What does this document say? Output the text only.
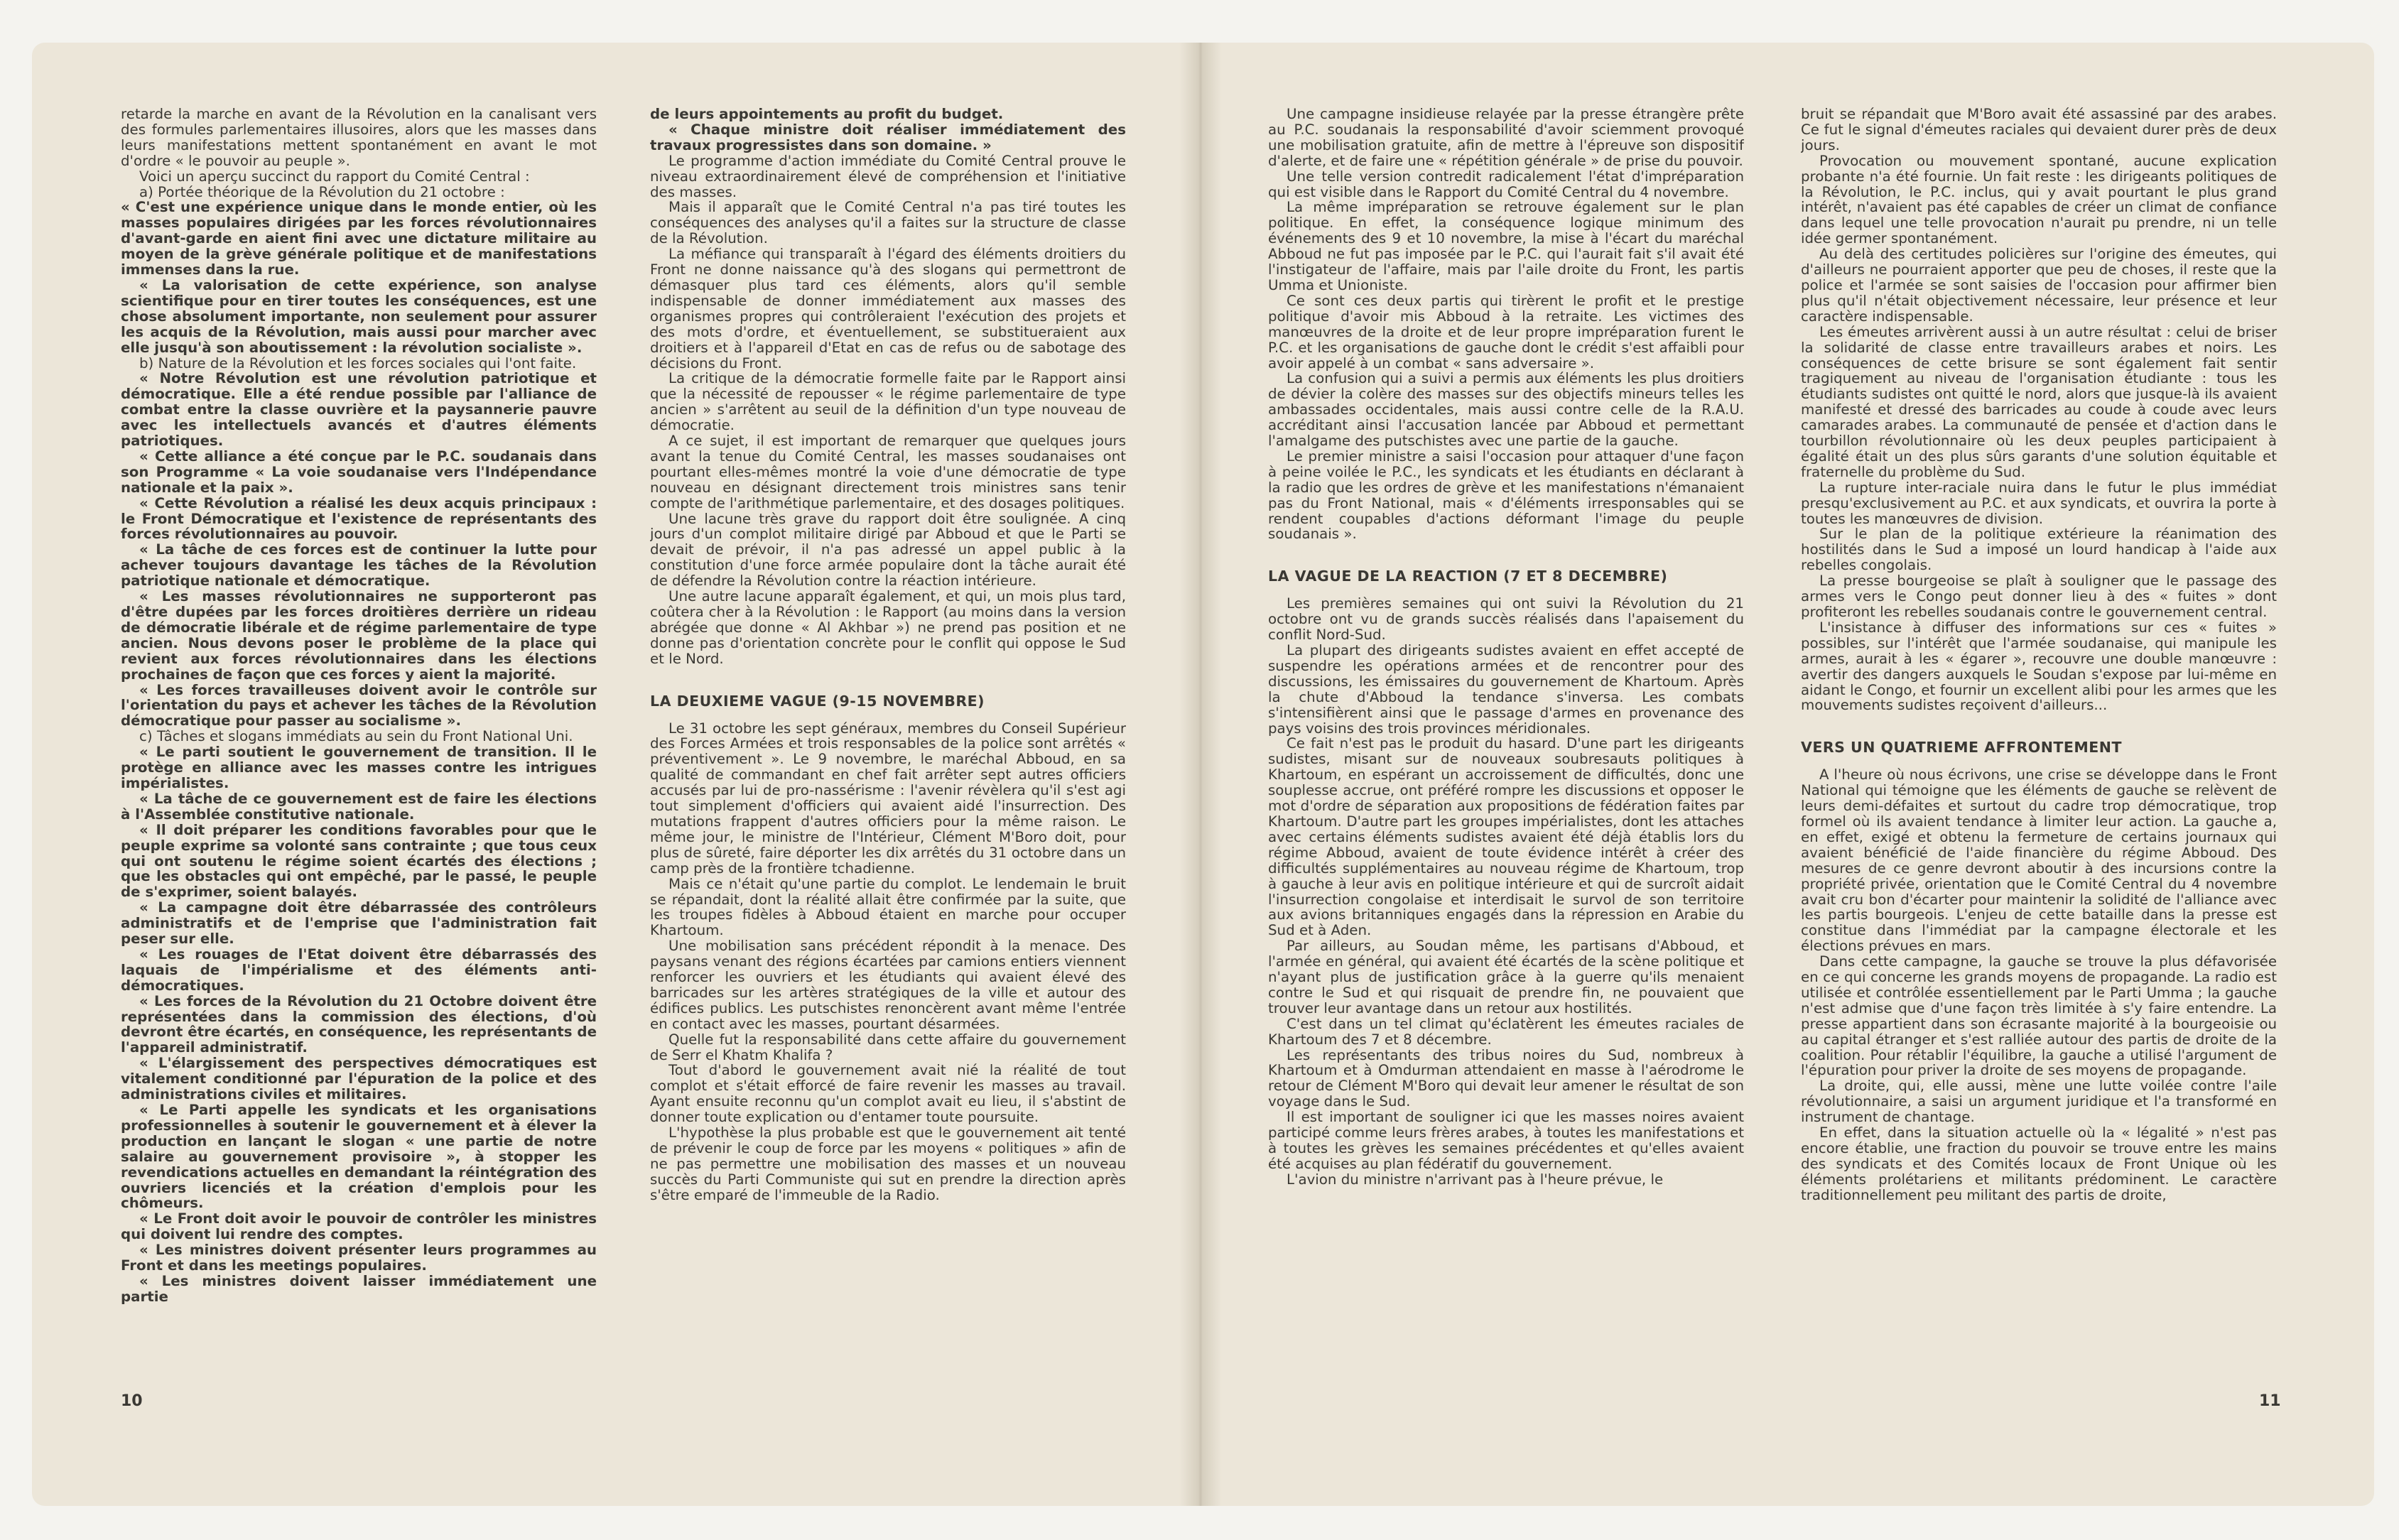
retarde la marche en avant de la Révolution en la canalisant vers des formules parlementaires illusoires, alors que les masses dans leurs manifestations mettent spontanément en avant le mot d'ordre « le pouvoir au peuple ».

Voici un aperçu succinct du rapport du Comité Central :

a) Portée théorique de la Révolution du 21 octobre :

« C'est une expérience unique dans le monde entier, où les masses populaires dirigées par les forces révolutionnaires d'avant-garde en aient fini avec une dictature militaire au moyen de la grève générale politique et de manifestations immenses dans la rue.

« La valorisation de cette expérience, son analyse scientifique pour en tirer toutes les conséquences, est une chose absolument importante, non seulement pour assurer les acquis de la Révolution, mais aussi pour marcher avec elle jusqu'à son aboutissement : la révolution socialiste ».

b) Nature de la Révolution et les forces sociales qui l'ont faite.

« Notre Révolution est une révolution patriotique et démocratique. Elle a été rendue possible par l'alliance de combat entre la classe ouvrière et la paysannerie pauvre avec les intellectuels avancés et d'autres éléments patriotiques.

« Cette alliance a été conçue par le P.C. soudanais dans son Programme « La voie soudanaise vers l'Indépendance nationale et la paix ».

« Cette Révolution a réalisé les deux acquis principaux : le Front Démocratique et l'existence de représentants des forces révolutionnaires au pouvoir.

« La tâche de ces forces est de continuer la lutte pour achever toujours davantage les tâches de la Révolution patriotique nationale et démocratique.

« Les masses révolutionnaires ne supporteront pas d'être dupées par les forces droitières derrière un rideau de démocratie libérale et de régime parlementaire de type ancien. Nous devons poser le problème de la place qui revient aux forces révolutionnaires dans les élections prochaines de façon que ces forces y aient la majorité.

« Les forces travailleuses doivent avoir le contrôle sur l'orientation du pays et achever les tâches de la Révolution démocratique pour passer au socialisme ».

c) Tâches et slogans immédiats au sein du Front National Uni.

« Le parti soutient le gouvernement de transition. Il le protège en alliance avec les masses contre les intrigues impérialistes.

« La tâche de ce gouvernement est de faire les élections à l'Assemblée constitutive nationale.

« Il doit préparer les conditions favorables pour que le peuple exprime sa volonté sans contrainte ; que tous ceux qui ont soutenu le régime soient écartés des élections ; que les obstacles qui ont empêché, par le passé, le peuple de s'exprimer, soient balayés.

« La campagne doit être débarrassée des contrôleurs administratifs et de l'emprise que l'administration fait peser sur elle.

« Les rouages de l'Etat doivent être débarrassés des laquais de l'impérialisme et des éléments anti-démocratiques.

« Les forces de la Révolution du 21 Octobre doivent être représentées dans la commission des élections, d'où devront être écartés, en conséquence, les représentants de l'appareil administratif.

« L'élargissement des perspectives démocratiques est vitalement conditionné par l'épuration de la police et des administrations civiles et militaires.

« Le Parti appelle les syndicats et les organisations professionnelles à soutenir le gouvernement et à élever la production en lançant le slogan « une partie de notre salaire au gouvernement provisoire », à stopper les revendications actuelles en demandant la réintégration des ouvriers licenciés et la création d'emplois pour les chômeurs.

« Le Front doit avoir le pouvoir de contrôler les ministres qui doivent lui rendre des comptes.

« Les ministres doivent présenter leurs programmes au Front et dans les meetings populaires.

« Les ministres doivent laisser immédiatement une partie

de leurs appointements au profit du budget.

« Chaque ministre doit réaliser immédiatement des travaux progressistes dans son domaine. »

Le programme d'action immédiate du Comité Central prouve le niveau extraordinairement élevé de compréhension et l'initiative des masses.

Mais il apparaît que le Comité Central n'a pas tiré toutes les conséquences des analyses qu'il a faites sur la structure de classe de la Révolution.

La méfiance qui transparaît à l'égard des éléments droitiers du Front ne donne naissance qu'à des slogans qui permettront de démasquer plus tard ces éléments, alors qu'il semble indispensable de donner immédiatement aux masses des organismes propres qui contrôleraient l'exécution des projets et des mots d'ordre, et éventuellement, se substitueraient aux droitiers et à l'appareil d'Etat en cas de refus ou de sabotage des décisions du Front.

La critique de la démocratie formelle faite par le Rapport ainsi que la nécessité de repousser « le régime parlementaire de type ancien » s'arrêtent au seuil de la définition d'un type nouveau de démocratie.

A ce sujet, il est important de remarquer que quelques jours avant la tenue du Comité Central, les masses soudanaises ont pourtant elles-mêmes montré la voie d'une démocratie de type nouveau en désignant directement trois ministres sans tenir compte de l'arithmétique parlementaire, et des dosages politiques.

Une lacune très grave du rapport doit être soulignée. A cinq jours d'un complot militaire dirigé par Abboud et que le Parti se devait de prévoir, il n'a pas adressé un appel public à la constitution d'une force armée populaire dont la tâche aurait été de défendre la Révolution contre la réaction intérieure.

Une autre lacune apparaît également, et qui, un mois plus tard, coûtera cher à la Révolution : le Rapport (au moins dans la version abrégée que donne « Al Akhbar ») ne prend pas position et ne donne pas d'orientation concrète pour le conflit qui oppose le Sud et le Nord.

LA DEUXIEME VAGUE (9-15 NOVEMBRE)

Le 31 octobre les sept généraux, membres du Conseil Supérieur des Forces Armées et trois responsables de la police sont arrêtés « préventivement ». Le 9 novembre, le maréchal Abboud, en sa qualité de commandant en chef fait arrêter sept autres officiers accusés par lui de pro-nassérisme : l'avenir révèlera qu'il s'est agi tout simplement d'officiers qui avaient aidé l'insurrection. Des mutations frappent d'autres officiers pour la même raison. Le même jour, le ministre de l'Intérieur, Clément M'Boro doit, pour plus de sûreté, faire déporter les dix arrêtés du 31 octobre dans un camp près de la frontière tchadienne.

Mais ce n'était qu'une partie du complot. Le lendemain le bruit se répandait, dont la réalité allait être confirmée par la suite, que les troupes fidèles à Abboud étaient en marche pour occuper Khartoum.

Une mobilisation sans précédent répondit à la menace. Des paysans venant des régions écartées par camions entiers viennent renforcer les ouvriers et les étudiants qui avaient élevé des barricades sur les artères stratégiques de la ville et autour des édifices publics. Les putschistes renoncèrent avant même l'entrée en contact avec les masses, pourtant désarmées.

Quelle fut la responsabilité dans cette affaire du gouvernement de Serr el Khatm Khalifa ?

Tout d'abord le gouvernement avait nié la réalité de tout complot et s'était efforcé de faire revenir les masses au travail. Ayant ensuite reconnu qu'un complot avait eu lieu, il s'abstint de donner toute explication ou d'entamer toute poursuite.

L'hypothèse la plus probable est que le gouvernement ait tenté de prévenir le coup de force par les moyens « politiques » afin de ne pas permettre une mobilisation des masses et un nouveau succès du Parti Communiste qui sut en prendre la direction après s'être emparé de l'immeuble de la Radio.

Une campagne insidieuse relayée par la presse étrangère prête au P.C. soudanais la responsabilité d'avoir sciemment provoqué une mobilisation gratuite, afin de mettre à l'épreuve son dispositif d'alerte, et de faire une « répétition générale » de prise du pouvoir.

Une telle version contredit radicalement l'état d'impréparation qui est visible dans le Rapport du Comité Central du 4 novembre.

La même impréparation se retrouve également sur le plan politique. En effet, la conséquence logique minimum des événements des 9 et 10 novembre, la mise à l'écart du maréchal Abboud ne fut pas imposée par le P.C. qui l'aurait fait s'il avait été l'instigateur de l'affaire, mais par l'aile droite du Front, les partis Umma et Unioniste.

Ce sont ces deux partis qui tirèrent le profit et le prestige politique d'avoir mis Abboud à la retraite. Les victimes des manœuvres de la droite et de leur propre impréparation furent le P.C. et les organisations de gauche dont le crédit s'est affaibli pour avoir appelé à un combat « sans adversaire ».

La confusion qui a suivi a permis aux éléments les plus droitiers de dévier la colère des masses sur des objectifs mineurs telles les ambassades occidentales, mais aussi contre celle de la R.A.U. accréditant ainsi l'accusation lancée par Abboud et permettant l'amalgame des putschistes avec une partie de la gauche.

Le premier ministre a saisi l'occasion pour attaquer d'une façon à peine voilée le P.C., les syndicats et les étudiants en déclarant à la radio que les ordres de grève et les manifestations n'émanaient pas du Front National, mais « d'éléments irresponsables qui se rendent coupables d'actions déformant l'image du peuple soudanais ».

LA VAGUE DE LA REACTION (7 ET 8 DECEMBRE)

Les premières semaines qui ont suivi la Révolution du 21 octobre ont vu de grands succès réalisés dans l'apaisement du conflit Nord-Sud.

La plupart des dirigeants sudistes avaient en effet accepté de suspendre les opérations armées et de rencontrer pour des discussions, les émissaires du gouvernement de Khartoum. Après la chute d'Abboud la tendance s'inversa. Les combats s'intensifièrent ainsi que le passage d'armes en provenance des pays voisins des trois provinces méridionales.

Ce fait n'est pas le produit du hasard. D'une part les dirigeants sudistes, misant sur de nouveaux soubresauts politiques à Khartoum, en espérant un accroissement de difficultés, donc une souplesse accrue, ont préféré rompre les discussions et opposer le mot d'ordre de séparation aux propositions de fédération faites par Khartoum. D'autre part les groupes impérialistes, dont les attaches avec certains éléments sudistes avaient été déjà établis lors du régime Abboud, avaient de toute évidence intérêt à créer des difficultés supplémentaires au nouveau régime de Khartoum, trop à gauche à leur avis en politique intérieure et qui de surcroît aidait l'insurrection congolaise et interdisait le survol de son territoire aux avions britanniques engagés dans la répression en Arabie du Sud et à Aden.

Par ailleurs, au Soudan même, les partisans d'Abboud, et l'armée en général, qui avaient été écartés de la scène politique et n'ayant plus de justification grâce à la guerre qu'ils menaient contre le Sud et qui risquait de prendre fin, ne pouvaient que trouver leur avantage dans un retour aux hostilités.

C'est dans un tel climat qu'éclatèrent les émeutes raciales de Khartoum des 7 et 8 décembre.

Les représentants des tribus noires du Sud, nombreux à Khartoum et à Omdurman attendaient en masse à l'aérodrome le retour de Clément M'Boro qui devait leur amener le résultat de son voyage dans le Sud.

Il est important de souligner ici que les masses noires avaient participé comme leurs frères arabes, à toutes les manifestations et à toutes les grèves les semaines précédentes et qu'elles avaient été acquises au plan fédératif du gouvernement.

L'avion du ministre n'arrivant pas à l'heure prévue, le

bruit se répandait que M'Boro avait été assassiné par des arabes. Ce fut le signal d'émeutes raciales qui devaient durer près de deux jours.

Provocation ou mouvement spontané, aucune explication probante n'a été fournie. Un fait reste : les dirigeants politiques de la Révolution, le P.C. inclus, qui y avait pourtant le plus grand intérêt, n'avaient pas été capables de créer un climat de confiance dans lequel une telle provocation n'aurait pu prendre, ni un telle idée germer spontanément.

Au delà des certitudes policières sur l'origine des émeutes, qui d'ailleurs ne pourraient apporter que peu de choses, il reste que la police et l'armée se sont saisies de l'occasion pour affirmer bien plus qu'il n'était objectivement nécessaire, leur présence et leur caractère indispensable.

Les émeutes arrivèrent aussi à un autre résultat : celui de briser la solidarité de classe entre travailleurs arabes et noirs. Les conséquences de cette brisure se sont également fait sentir tragiquement au niveau de l'organisation étudiante : tous les étudiants sudistes ont quitté le nord, alors que jusque-là ils avaient manifesté et dressé des barricades au coude à coude avec leurs camarades arabes. La communauté de pensée et d'action dans le tourbillon révolutionnaire où les deux peuples participaient à égalité était un des plus sûrs garants d'une solution équitable et fraternelle du problème du Sud.

La rupture inter-raciale nuira dans le futur le plus immédiat presqu'exclusivement au P.C. et aux syndicats, et ouvrira la porte à toutes les manœuvres de division.

Sur le plan de la politique extérieure la réanimation des hostilités dans le Sud a imposé un lourd handicap à l'aide aux rebelles congolais.

La presse bourgeoise se plaît à souligner que le passage des armes vers le Congo peut donner lieu à des « fuites » dont profiteront les rebelles soudanais contre le gouvernement central.

L'insistance à diffuser des informations sur ces « fuites » possibles, sur l'intérêt que l'armée soudanaise, qui manipule les armes, aurait à les « égarer », recouvre une double manœuvre : avertir des dangers auxquels le Soudan s'expose par lui-même en aidant le Congo, et fournir un excellent alibi pour les armes que les mouvements sudistes reçoivent d'ailleurs...

VERS UN QUATRIEME AFFRONTEMENT

A l'heure où nous écrivons, une crise se développe dans le Front National qui témoigne que les éléments de gauche se relèvent de leurs demi-défaites et surtout du cadre trop démocratique, trop formel où ils avaient tendance à limiter leur action. La gauche a, en effet, exigé et obtenu la fermeture de certains journaux qui avaient bénéficié de l'aide financière du régime Abboud. Des mesures de ce genre devront aboutir à des incursions contre la propriété privée, orientation que le Comité Central du 4 novembre avait cru bon d'écarter pour maintenir la solidité de l'alliance avec les partis bourgeois. L'enjeu de cette bataille dans la presse est constitue dans l'immédiat par la campagne électorale et les élections prévues en mars.

Dans cette campagne, la gauche se trouve la plus défavorisée en ce qui concerne les grands moyens de propagande. La radio est utilisée et contrôlée essentiellement par le Parti Umma ; la gauche n'est admise que d'une façon très limitée à s'y faire entendre. La presse appartient dans son écrasante majorité à la bourgeoisie ou au capital étranger et s'est ralliée autour des partis de droite de la coalition. Pour rétablir l'équilibre, la gauche a utilisé l'argument de l'épuration pour priver la droite de ses moyens de propagande.

La droite, qui, elle aussi, mène une lutte voilée contre l'aile révolutionnaire, a saisi un argument juridique et l'a transformé en instrument de chantage.

En effet, dans la situation actuelle où la « légalité » n'est pas encore établie, une fraction du pouvoir se trouve entre les mains des syndicats et des Comités locaux de Front Unique où les éléments prolétariens et militants prédominent. Le caractère traditionnellement peu militant des partis de droite,

10	11
